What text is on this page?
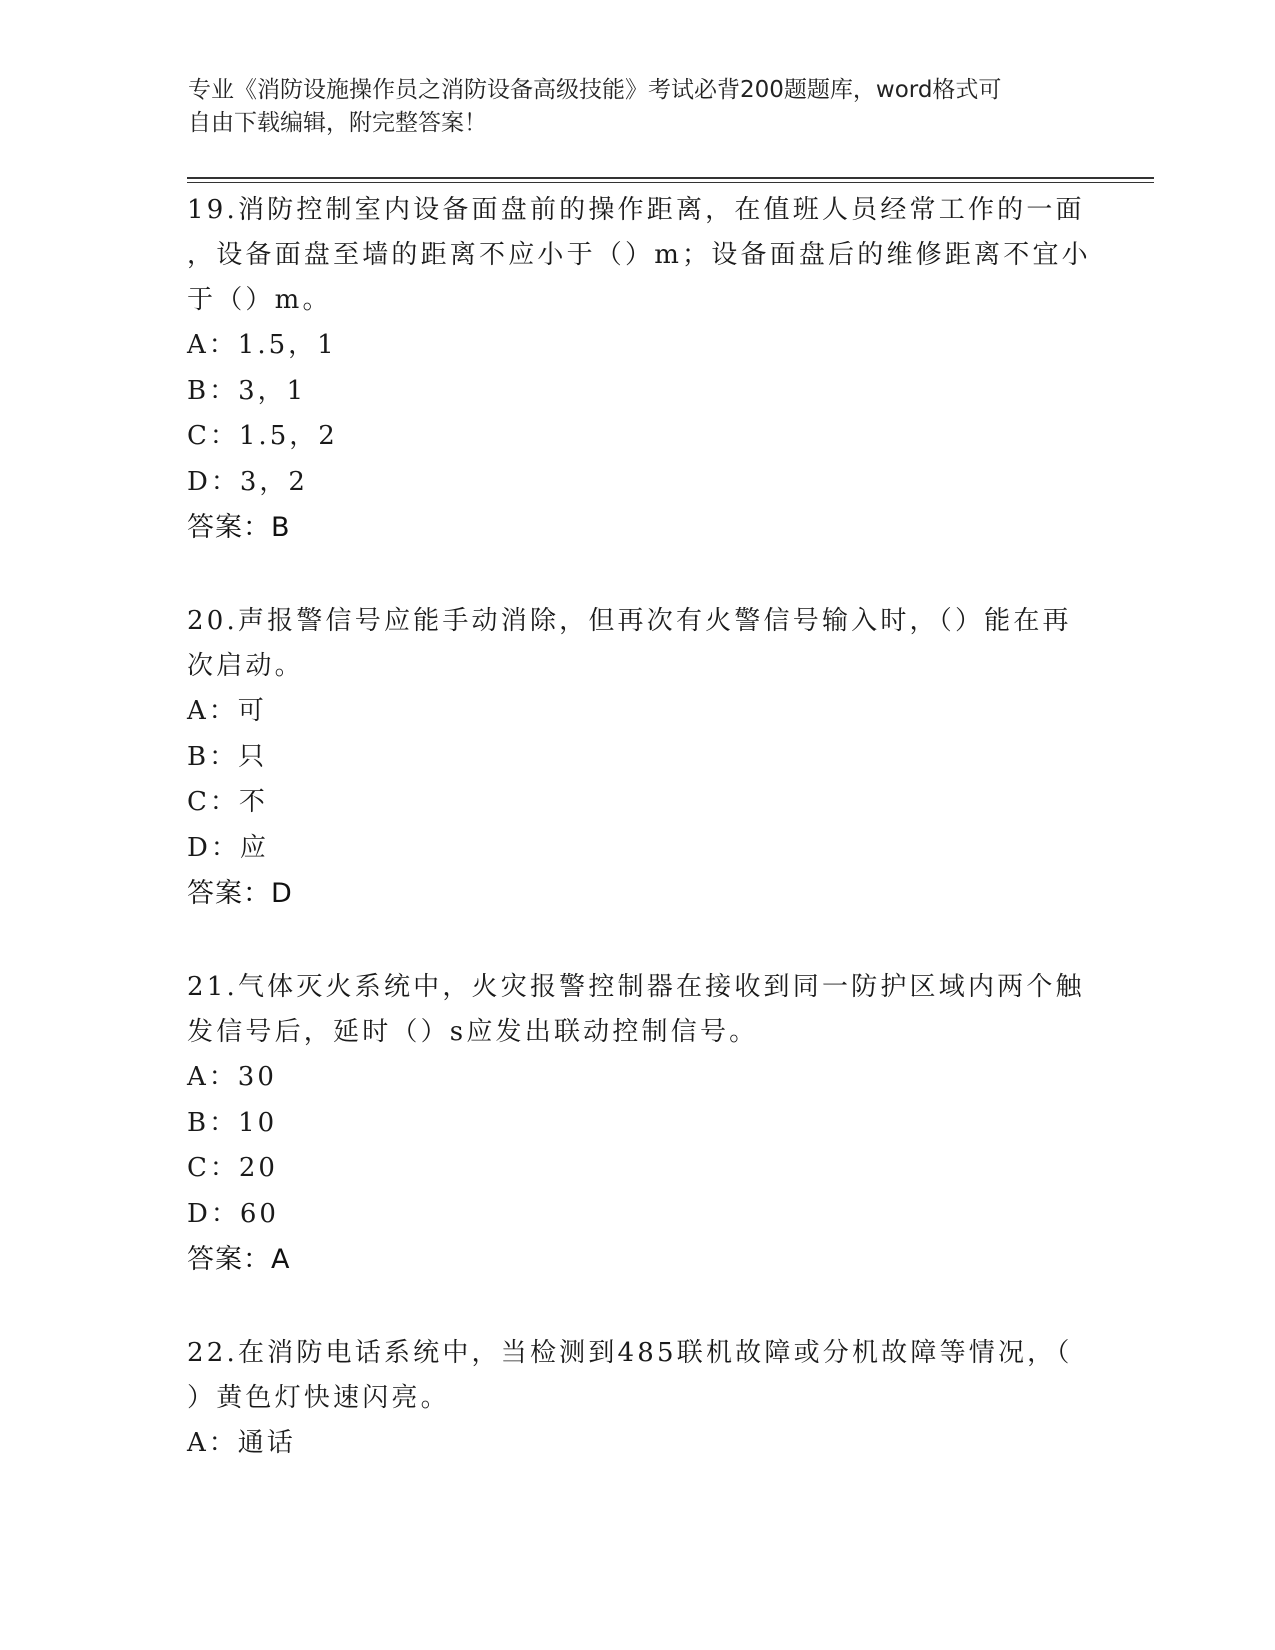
专业《消防设施操作员之消防设备高级技能》考试必背200题题库，word格式可
自由下载编辑，附完整答案！
19.消防控制室内设备面盘前的操作距离，在值班人员经常工作的一面
，设备面盘至墙的距离不应小于（）m；设备面盘后的维修距离不宜小
于（）m。
A：1.5，1
B：3，1
C：1.5，2
D：3，2
答案：B
20.声报警信号应能手动消除，但再次有火警信号输入时，（）能在再
次启动。
A：可
B：只
C：不
D：应
答案：D
21.气体灭火系统中，火灾报警控制器在接收到同一防护区域内两个触
发信号后，延时（）s应发出联动控制信号。
A：30
B：10
C：20
D：60
答案：A
22.在消防电话系统中，当检测到485联机故障或分机故障等情况，（
）黄色灯快速闪亮。
A：通话
